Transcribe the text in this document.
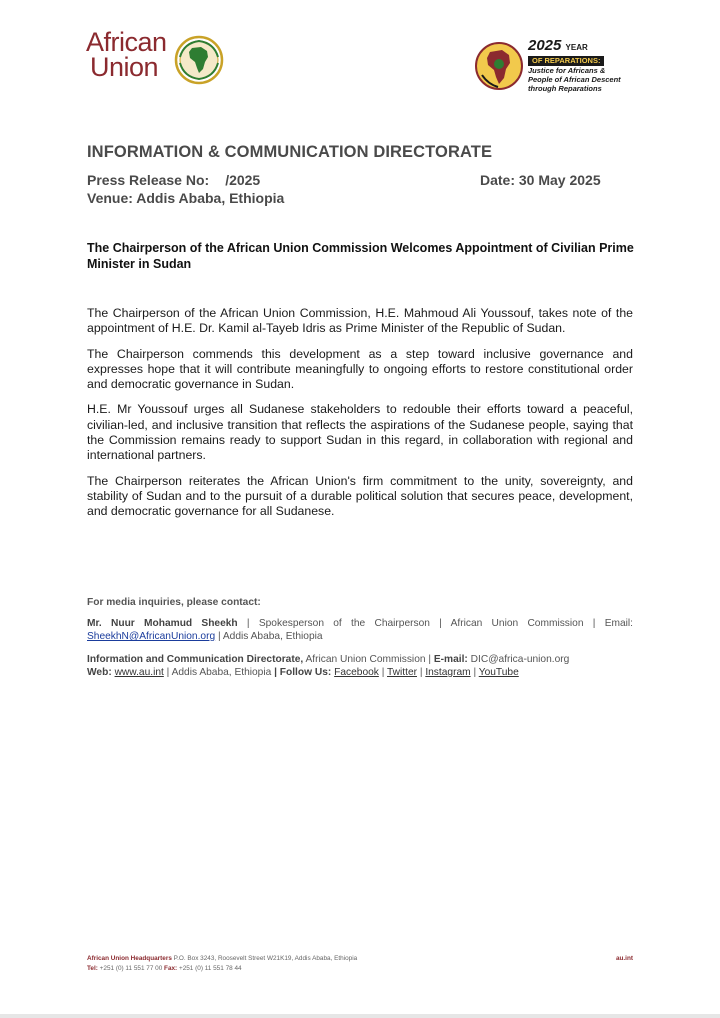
African
Union
2025 YEAR
OF REPARATIONS:
Justice for Africans &
People of African Descent
through Reparations
INFORMATION & COMMUNICATION DIRECTORATE
Press Release No: /2025	Date: 30 May 2025
Venue: Addis Ababa, Ethiopia
The Chairperson of the African Union Commission Welcomes Appointment of Civilian Prime Minister in Sudan

The Chairperson of the African Union Commission, H.E. Mahmoud Ali Youssouf, takes note of the appointment of H.E. Dr. Kamil al-Tayeb Idris as Prime Minister of the Republic of Sudan.

The Chairperson commends this development as a step toward inclusive governance and expresses hope that it will contribute meaningfully to ongoing efforts to restore constitutional order and democratic governance in Sudan.

H.E. Mr Youssouf urges all Sudanese stakeholders to redouble their efforts toward a peaceful, civilian-led, and inclusive transition that reflects the aspirations of the Sudanese people, saying that the Commission remains ready to support Sudan in this regard, in collaboration with regional and international partners.

The Chairperson reiterates the African Union's firm commitment to the unity, sovereignty, and stability of Sudan and to the pursuit of a durable political solution that secures peace, development, and democratic governance for all Sudanese.

For media inquiries, please contact:

Mr. Nuur Mohamud Sheekh | Spokesperson of the Chairperson | African Union Commission | Email: SheekhN@AfricanUnion.org | Addis Ababa, Ethiopia

Information and Communication Directorate, African Union Commission | E-mail: DIC@africa-union.org
Web: www.au.int | Addis Ababa, Ethiopia | Follow Us: Facebook | Twitter | Instagram | YouTube

African Union Headquarters P.O. Box 3243, Roosevelt Street W21K19, Addis Ababa, Ethiopia
Tel: +251 (0) 11 551 77 00 Fax: +251 (0) 11 551 78 44
au.int
